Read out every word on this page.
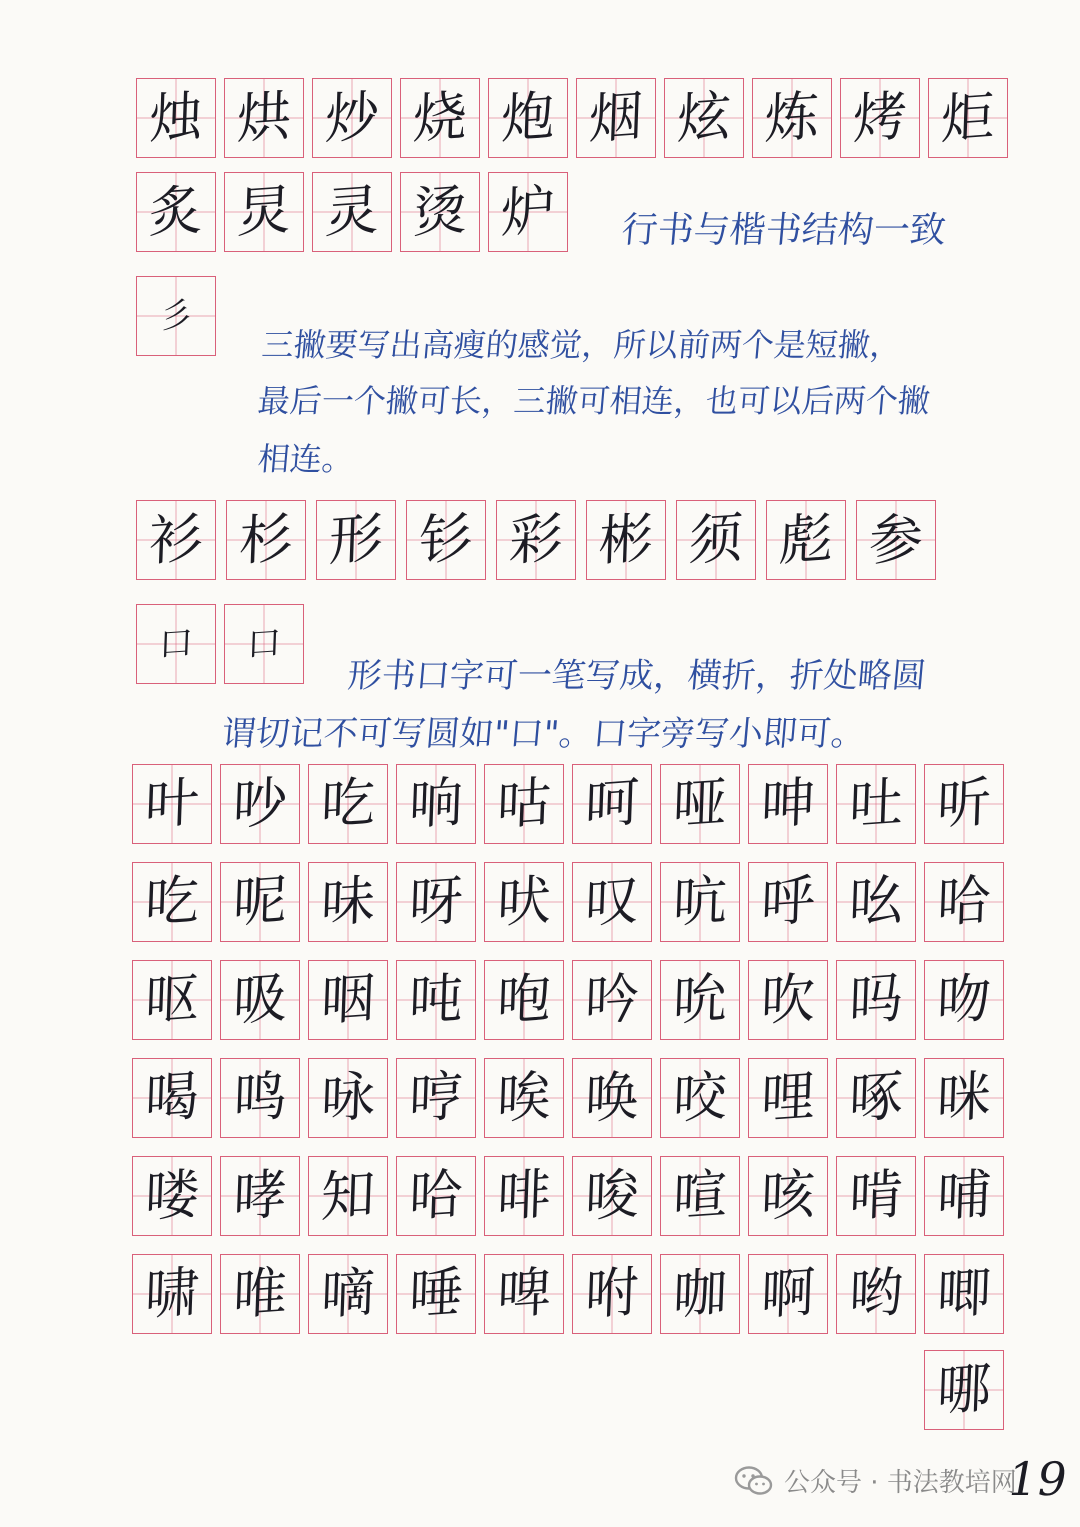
烛 烘 炒 烧 炮 烟 炫 炼 烤 炬
炙 炅 灵 烫 炉 行书与楷书结构一致
彡
三撇要写出高瘦的感觉，所以前两个是短撇，
最后一个撇可长，三撇可相连，也可以后两个撇
相连。
衫 杉 形 钐 彩 彬 须 彪 参
口 口
形书口字可一笔写成，横折，折处略圆
谓切记不可写圆如"口"。口字旁写小即可。
叶 吵 吃 响 咕 呵 哑 呻 吐 听
吃 呢 味 呀 吠 叹 吭 呼 吆 哈
呕 吸 咽 吨 咆 吟 吮 吹 吗 吻
喝 鸣 咏 哼 唉 唤 咬 哩 啄 咪
喽 哮 知 哈 啡 唆 喧 咳 啃 哺
啸 唯 嘀 唾 啤 咐 咖 啊 哟 唧
哪
公众号 · 书法教培网
19
